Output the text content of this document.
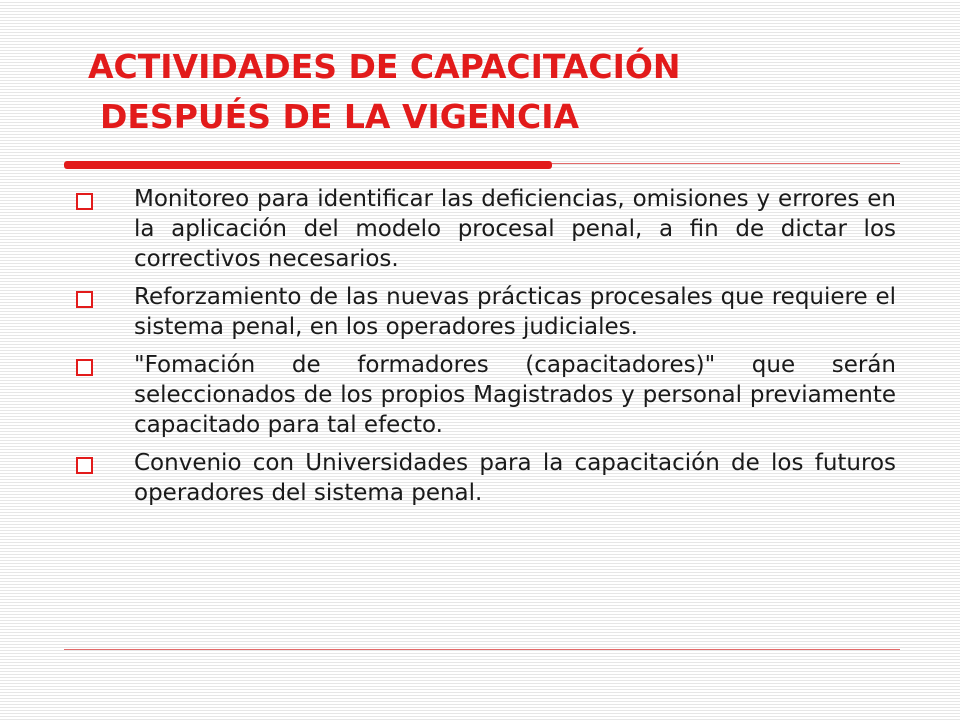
ACTIVIDADES DE CAPACITACIÓN
DESPUÉS DE LA VIGENCIA
Monitoreo para identificar las deficiencias, omisiones y errores en la aplicación del modelo procesal penal, a fin de dictar los correctivos necesarios.
Reforzamiento de las nuevas prácticas procesales que requiere el sistema penal, en los operadores judiciales.
"Fomación de formadores (capacitadores)" que serán seleccionados de los propios Magistrados y personal previamente capacitado para tal efecto.
Convenio con Universidades para la capacitación de los futuros operadores del sistema penal.
